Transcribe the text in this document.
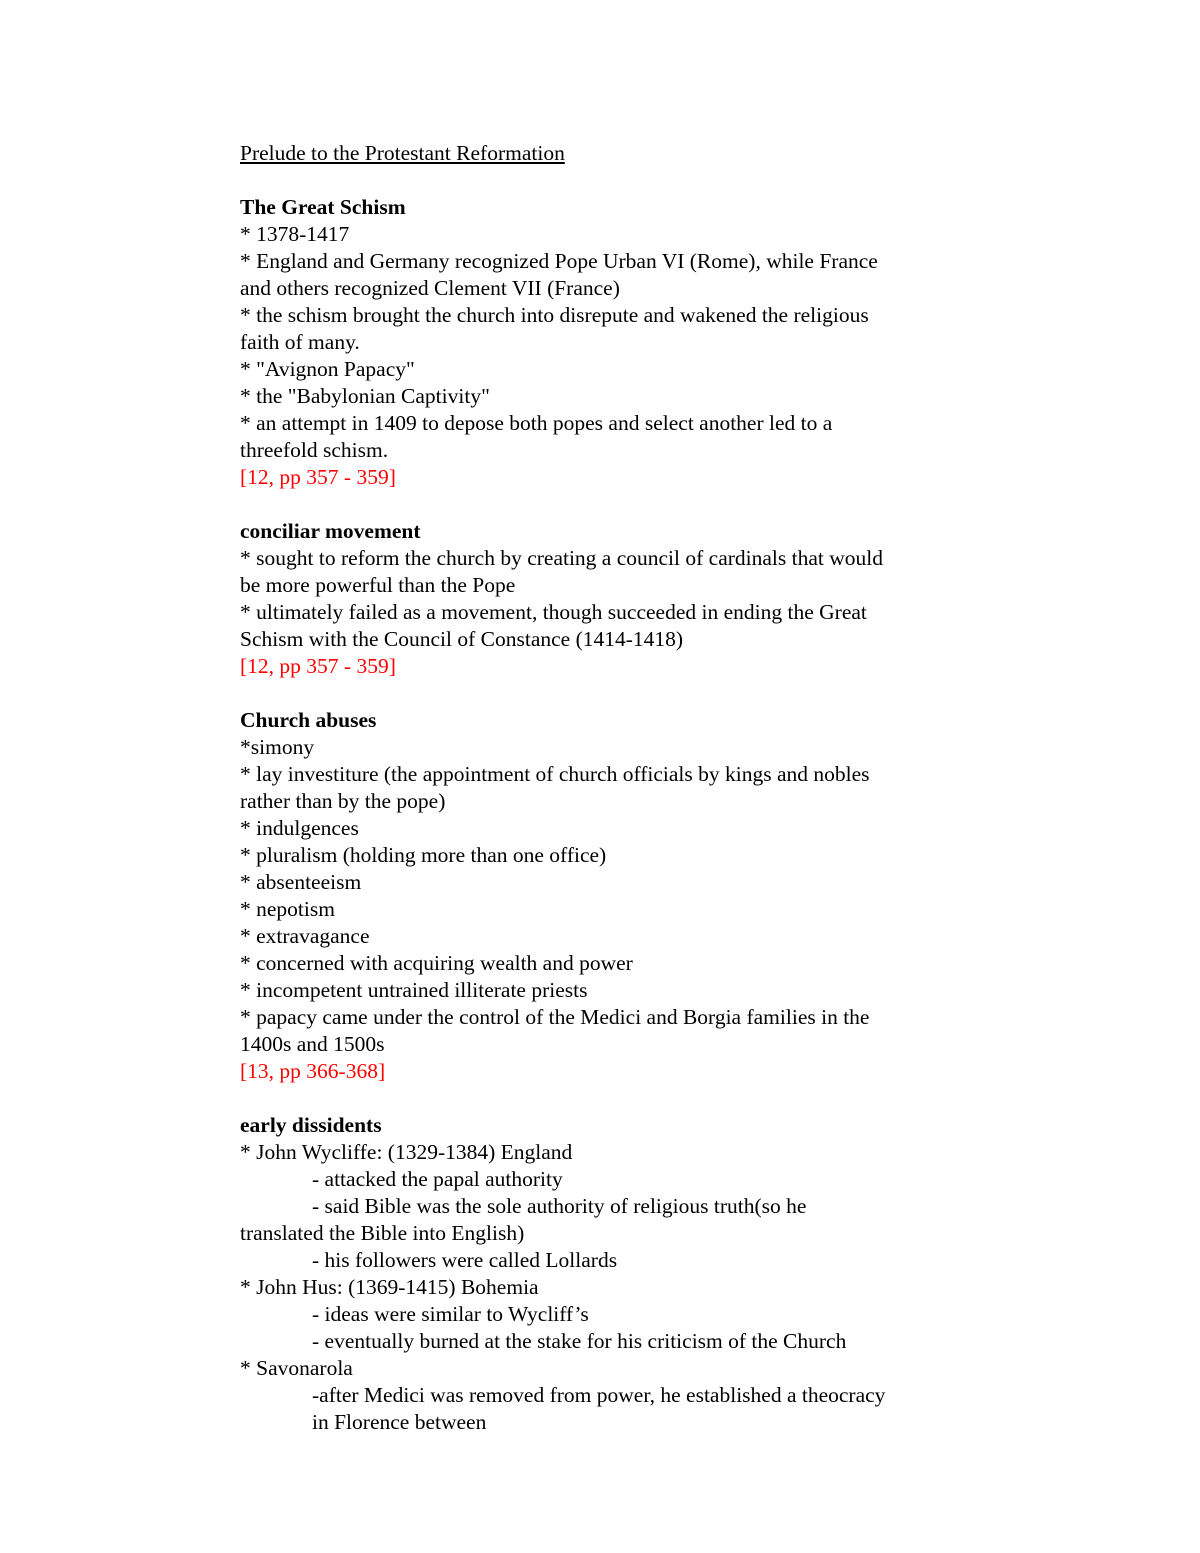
Prelude to the Protestant Reformation
The Great Schism
* 1378-1417
* England and Germany recognized Pope Urban VI (Rome), while France
and others recognized Clement VII (France)
* the schism brought the church into disrepute and wakened the religious
faith of many.
* "Avignon Papacy"
* the "Babylonian Captivity"
* an attempt in 1409 to depose both popes and select another led to a
threefold schism.
[12, pp 357 - 359]
conciliar movement
* sought to reform the church by creating a council of cardinals that would
be more powerful than the Pope
* ultimately failed as a movement, though succeeded in ending the Great
Schism with the Council of Constance (1414-1418)
[12, pp 357 - 359]
Church abuses
*simony
* lay investiture (the appointment of church officials by kings and nobles
rather than by the pope)
* indulgences
* pluralism (holding more than one office)
* absenteeism
* nepotism
* extravagance
* concerned with acquiring wealth and power
* incompetent untrained illiterate priests
* papacy came under the control of the Medici and Borgia families in the
1400s and 1500s
[13, pp 366-368]
early dissidents
* John Wycliffe: (1329-1384) England
- attacked the papal authority
- said Bible was the sole authority of religious truth(so he
translated the Bible into English)
- his followers were called Lollards
* John Hus: (1369-1415) Bohemia
- ideas were similar to Wycliff’s
- eventually burned at the stake for his criticism of the Church
* Savonarola
-after Medici was removed from power, he established a theocracy
in Florence between
